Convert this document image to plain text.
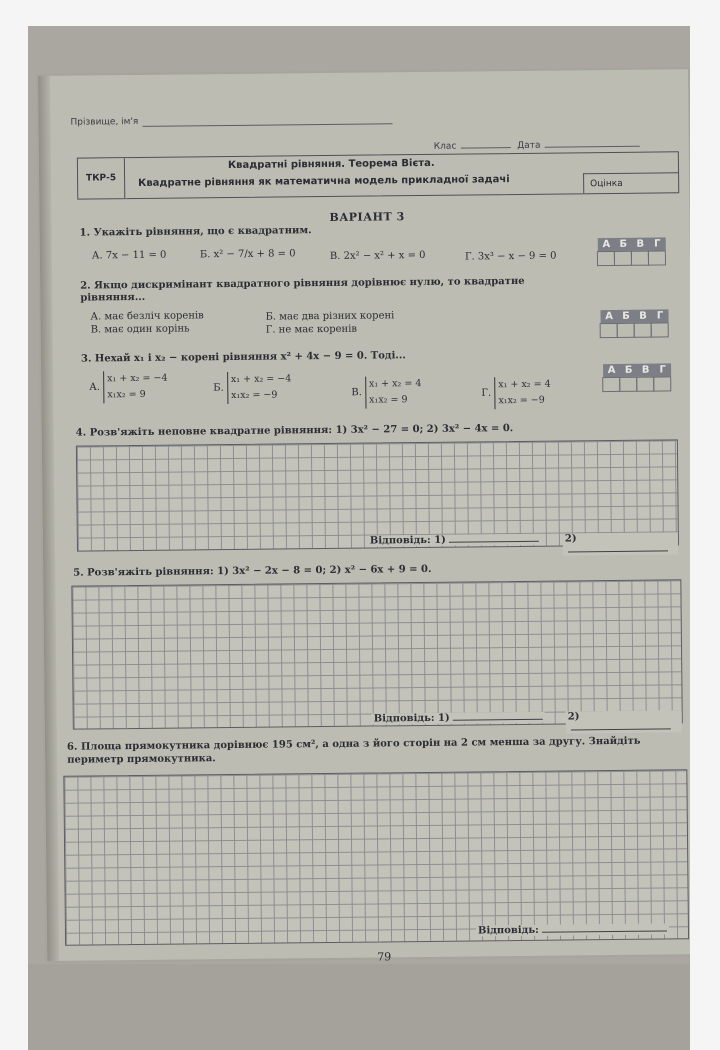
Прізвище, ім'я
Клас	Дата
ТКР-5
Квадратні рівняння. Теорема Вієта.
Квадратне рівняння як математична модель прикладної задачі	Оцінка
ВАРІАНТ 3
1. Укажіть рівняння, що є квадратним.
А. 7x − 11 = 0	Б. x² − 7/x + 8 = 0	В. 2x² − x² + x = 0	Г. 3x³ − x − 9 = 0
А Б В Г
2. Якщо дискримінант квадратного рівняння дорівнює нулю, то квадратне рівняння...
А. має безліч коренів	Б. має два різних корені
В. має один корінь	Г. не має коренів
А Б В Г
3. Нехай x₁ і x₂ − корені рівняння x² + 4x − 9 = 0. Тоді...
А. x₁ + x₂ = −4
x₁x₂ = 9
Б. x₁ + x₂ = −4
x₁x₂ = −9	В. x₁ + x₂ = 4
x₁x₂ = 9
Г. x₁ + x₂ = 4
x₁x₂ = −9
А Б В Г
4. Розв'яжіть неповне квадратне рівняння: 1) 3x² − 27 = 0; 2) 3x² − 4x = 0.
Відповідь: 1)	2)
5. Розв'яжіть рівняння: 1) 3x² − 2x − 8 = 0; 2) x² − 6x + 9 = 0.
Відповідь: 1)	2)
6. Площа прямокутника дорівнює 195 см², а одна з його сторін на 2 см менша за другу. Знайдіть периметр прямокутника.
Відповідь:
79
